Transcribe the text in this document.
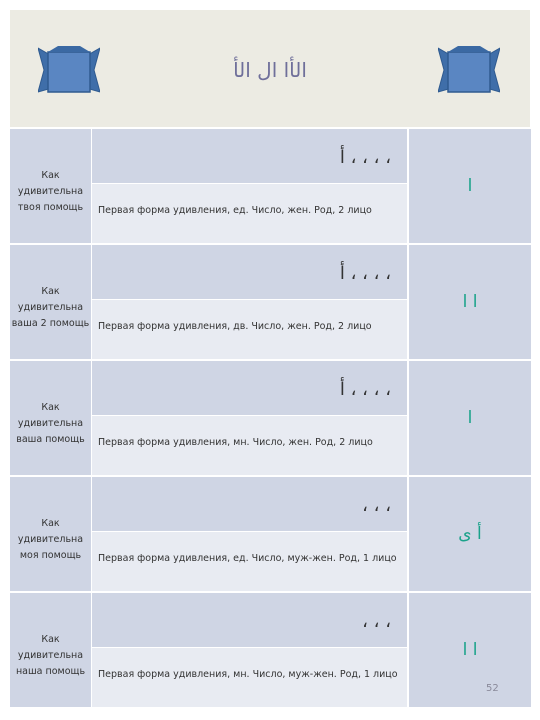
الأا ال الأ
Как удивительна твоя помощь
أ ، ، ، ،
Первая форма удивления, ед. Число, жен. Род, 2 лицо
ا
Как удивительна ваша 2 помощь
أ ، ، ، ،
Первая форма удивления, дв. Число, жен. Род, 2 лицо
ا ا
Как удивительна ваша помощь
أ ، ، ، ،
Первая форма удивления, мн. Число, жен. Род, 2 лицо
ا
Как удивительна моя помощь
، ، ،
Первая форма удивления, ед. Число, муж-жен. Род, 1 лицо
أ ى
Как удивительна наша помощь
، ، ،
Первая форма удивления, мн. Число, муж-жен. Род, 1 лицо
ا ا
52
